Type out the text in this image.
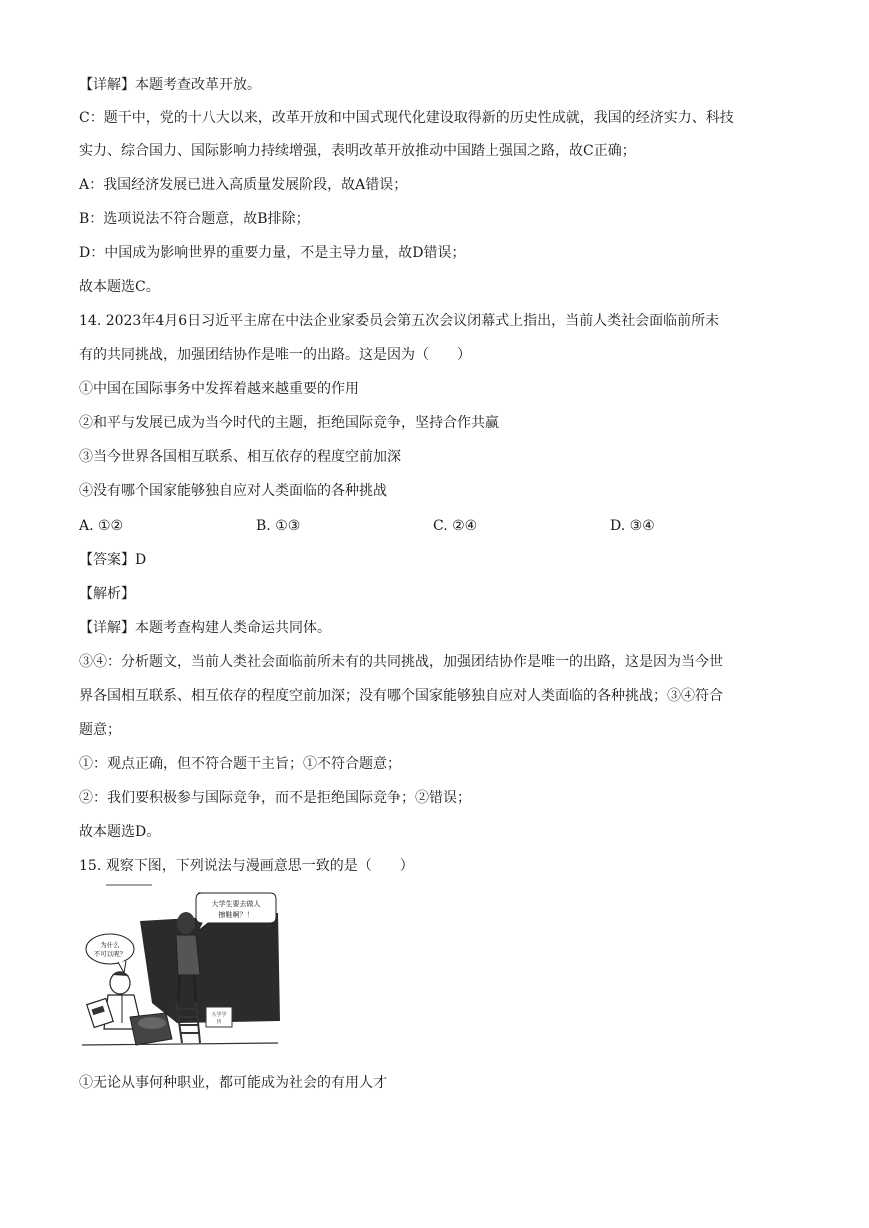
【详解】本题考查改革开放。
C：题干中，党的十八大以来，改革开放和中国式现代化建设取得新的历史性成就，我国的经济实力、科技
实力、综合国力、国际影响力持续增强，表明改革开放推动中国踏上强国之路，故C正确；
A：我国经济发展已进入高质量发展阶段，故A错误；
B：选项说法不符合题意，故B排除；
D：中国成为影响世界的重要力量，不是主导力量，故D错误；
故本题选C。
14. 2023年4月6日习近平主席在中法企业家委员会第五次会议闭幕式上指出，当前人类社会面临前所未
有的共同挑战，加强团结协作是唯一的出路。这是因为（　　）
①中国在国际事务中发挥着越来越重要的作用
②和平与发展已成为当今时代的主题，拒绝国际竞争，坚持合作共赢
③当今世界各国相互联系、相互依存的程度空前加深
④没有哪个国家能够独自应对人类面临的各种挑战
A. ①②	B. ①③	C. ②④	D. ③④
【答案】D
【解析】
【详解】本题考查构建人类命运共同体。
③④：分析题文，当前人类社会面临前所未有的共同挑战，加强团结协作是唯一的出路，这是因为当今世
界各国相互联系、相互依存的程度空前加深；没有哪个国家能够独自应对人类面临的各种挑战；③④符合
题意；
①：观点正确，但不符合题干主旨；①不符合题意；
②：我们要积极参与国际竞争，而不是拒绝国际竞争；②错误；
故本题选D。
15. 观察下图，下列说法与漫画意思一致的是（　　）
大学学
历
大学生要去做人
擦鞋啊？！
为什么
不可以呢？
①无论从事何种职业，都可能成为社会的有用人才
